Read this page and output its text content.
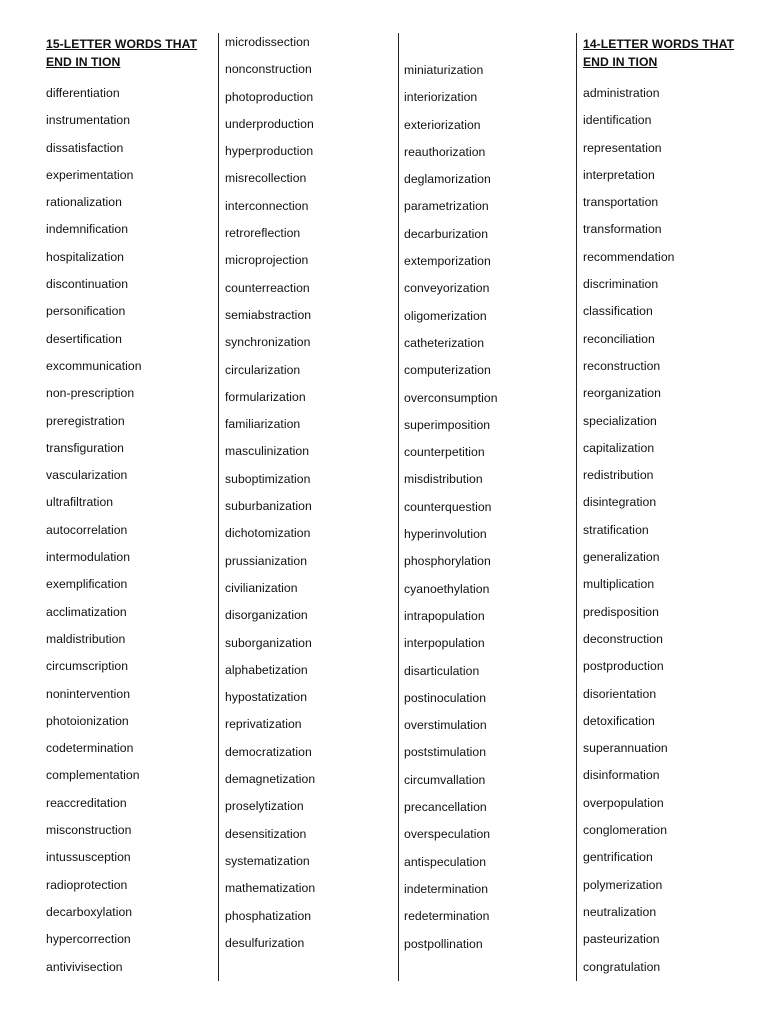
15-LETTER WORDS THAT
END IN TION
differentiation
instrumentation
dissatisfaction
experimentation
rationalization
indemnification
hospitalization
discontinuation
personification
desertification
excommunication
non-prescription
preregistration
transfiguration
vascularization
ultrafiltration
autocorrelation
intermodulation
exemplification
acclimatization
maldistribution
circumscription
nonintervention
photoionization
codetermination
complementation
reaccreditation
misconstruction
intussusception
radioprotection
decarboxylation
hypercorrection
antivivisection
microdissection
nonconstruction
photoproduction
underproduction
hyperproduction
misrecollection
interconnection
retroreflection
microprojection
counterreaction
semiabstraction
synchronization
circularization
formularization
familiarization
masculinization
suboptimization
suburbanization
dichotomization
prussianization
civilianization
disorganization
suborganization
alphabetization
hypostatization
reprivatization
democratization
demagnetization
proselytization
desensitization
systematization
mathematization
phosphatization
desulfurization
miniaturization
interiorization
exteriorization
reauthorization
deglamorization
parametrization
decarburization
extemporization
conveyorization
oligomerization
catheterization
computerization
overconsumption
superimposition
counterpetition
misdistribution
counterquestion
hyperinvolution
phosphorylation
cyanoethylation
intrapopulation
interpopulation
disarticulation
postinoculation
overstimulation
poststimulation
circumvallation
precancellation
overspeculation
antispeculation
indetermination
redetermination
postpollination
14-LETTER WORDS THAT
END IN TION
administration
identification
representation
interpretation
transportation
transformation
recommendation
discrimination
classification
reconciliation
reconstruction
reorganization
specialization
capitalization
redistribution
disintegration
stratification
generalization
multiplication
predisposition
deconstruction
postproduction
disorientation
detoxification
superannuation
disinformation
overpopulation
conglomeration
gentrification
polymerization
neutralization
pasteurization
congratulation
